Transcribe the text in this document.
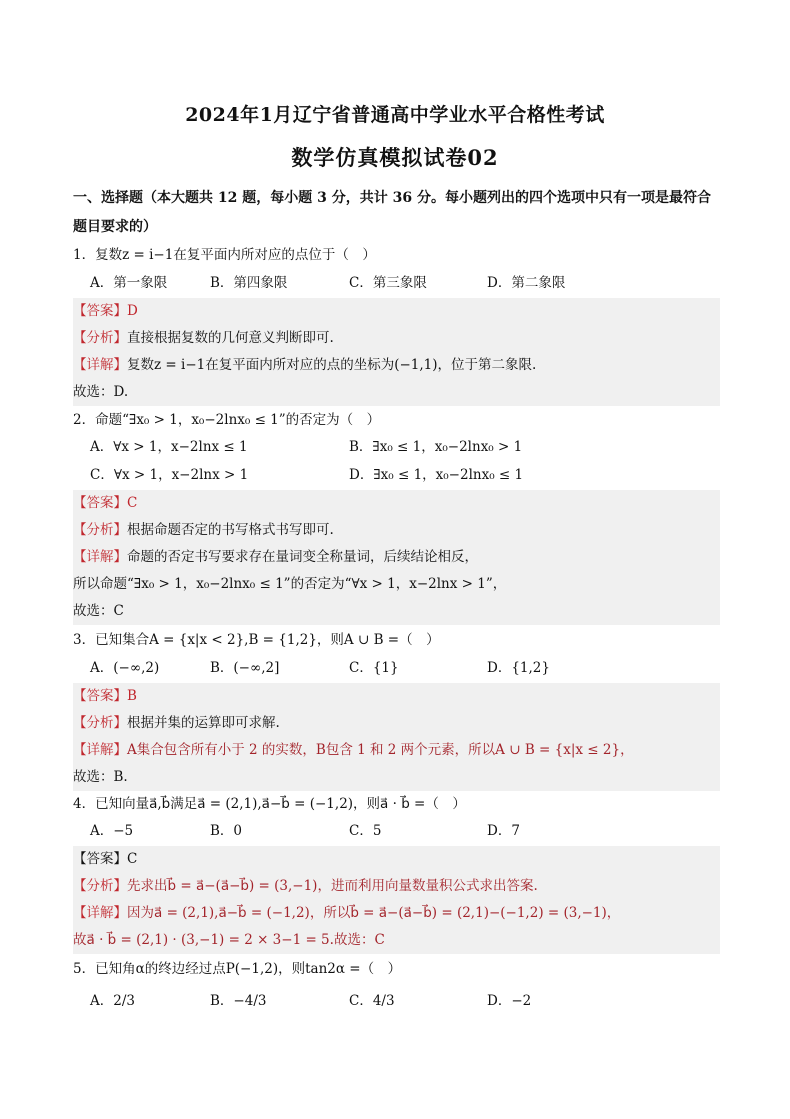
2024年1月辽宁省普通高中学业水平合格性考试
数学仿真模拟试卷02
一、选择题（本大题共 12 题，每小题 3 分，共计 36 分。每小题列出的四个选项中只有一项是最符合题目要求的）
1．复数z = i−1在复平面内所对应的点位于（　）
A．第一象限	B．第四象限	C．第三象限	D．第二象限
【答案】D
【分析】直接根据复数的几何意义判断即可.
【详解】复数z = i−1在复平面内所对应的点的坐标为(−1,1)，位于第二象限.
故选：D.
2．命题“∃x₀ > 1，x₀−2lnx₀ ≤ 1”的否定为（　）
A．∀x > 1，x−2lnx ≤ 1	B．∃x₀ ≤ 1，x₀−2lnx₀ > 1
C．∀x > 1，x−2lnx > 1	D．∃x₀ ≤ 1，x₀−2lnx₀ ≤ 1
【答案】C
【分析】根据命题否定的书写格式书写即可.
【详解】命题的否定书写要求存在量词变全称量词，后续结论相反，
所以命题“∃x₀ > 1，x₀−2lnx₀ ≤ 1”的否定为“∀x > 1，x−2lnx > 1”，
故选：C
3．已知集合A = {x|x < 2},B = {1,2}，则A ∪ B =（　）
A．(−∞,2)	B．(−∞,2]	C．{1}	D．{1,2}
【答案】B
【分析】根据并集的运算即可求解.
【详解】A集合包含所有小于 2 的实数，B包含 1 和 2 两个元素，所以A ∪ B = {x|x ≤ 2}，
故选：B.
4．已知向量a⃗,b⃗满足a⃗ = (2,1),a⃗−b⃗ = (−1,2)，则a⃗ · b⃗ =（　）
A．−5	B．0	C．5	D．7
【答案】C
【分析】先求出b⃗ = a⃗−(a⃗−b⃗) = (3,−1)，进而利用向量数量积公式求出答案.
【详解】因为a⃗ = (2,1),a⃗−b⃗ = (−1,2)，所以b⃗ = a⃗−(a⃗−b⃗) = (2,1)−(−1,2) = (3,−1)，
故a⃗ · b⃗ = (2,1) · (3,−1) = 2 × 3−1 = 5.故选：C
5．已知角α的终边经过点P(−1,2)，则tan2α =（　）
A．2/3	B．−4/3	C．4/3	D．−2
